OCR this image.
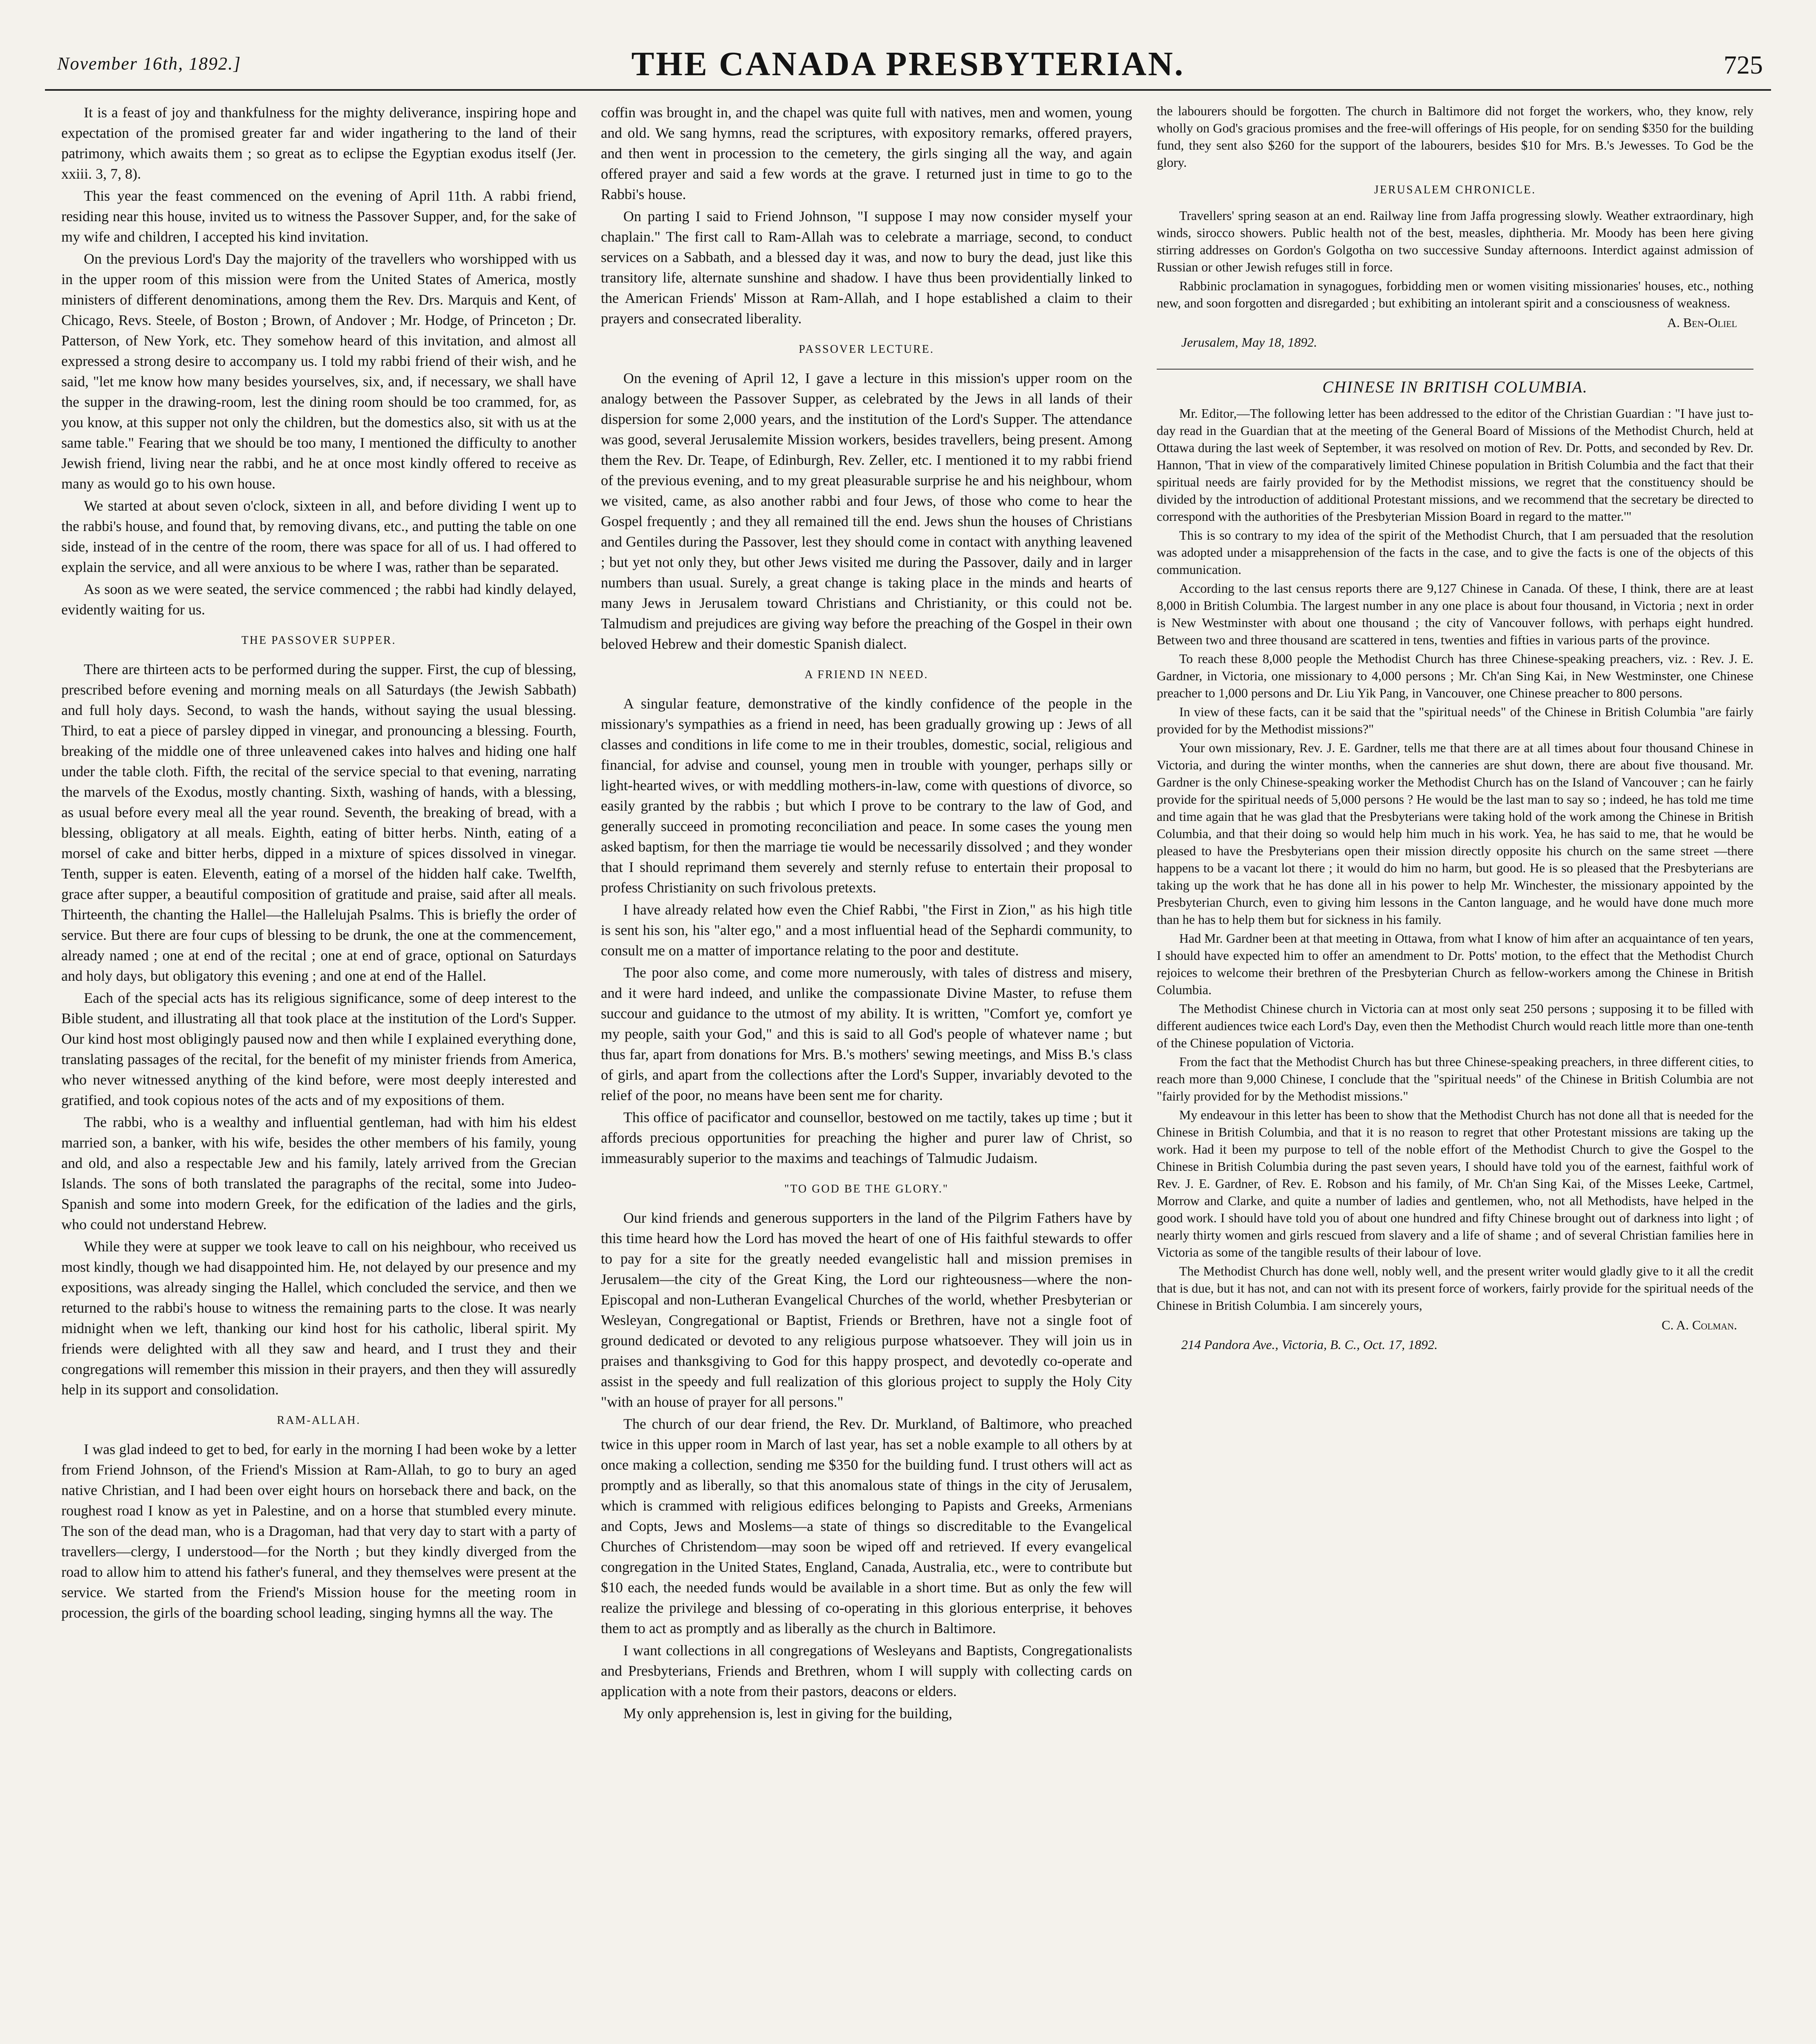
November 16th, 1892.]	THE CANADA PRESBYTERIAN.	725

It is a feast of joy and thankfulness for the mighty deliverance, inspiring hope and expectation of the promised greater far and wider ingathering to the land of their patrimony, which awaits them ; so great as to eclipse the Egyptian exodus itself (Jer. xxiii. 3, 7, 8).

This year the feast commenced on the evening of April 11th. A rabbi friend, residing near this house, invited us to witness the Passover Supper, and, for the sake of my wife and children, I accepted his kind invitation.

On the previous Lord's Day the majority of the travellers who worshipped with us in the upper room of this mission were from the United States of America, mostly ministers of different denominations, among them the Rev. Drs. Marquis and Kent, of Chicago, Revs. Steele, of Boston ; Brown, of Andover ; Mr. Hodge, of Princeton ; Dr. Patterson, of New York, etc. They somehow heard of this invitation, and almost all expressed a strong desire to accompany us. I told my rabbi friend of their wish, and he said, "let me know how many besides yourselves, six, and, if necessary, we shall have the supper in the drawing-room, lest the dining room should be too crammed, for, as you know, at this supper not only the children, but the domestics also, sit with us at the same table." Fearing that we should be too many, I mentioned the difficulty to another Jewish friend, living near the rabbi, and he at once most kindly offered to receive as many as would go to his own house.

We started at about seven o'clock, sixteen in all, and before dividing I went up to the rabbi's house, and found that, by removing divans, etc., and putting the table on one side, instead of in the centre of the room, there was space for all of us. I had offered to explain the service, and all were anxious to be where I was, rather than be separated.

As soon as we were seated, the service commenced ; the rabbi had kindly delayed, evidently waiting for us.

THE PASSOVER SUPPER.

There are thirteen acts to be performed during the supper. First, the cup of blessing, prescribed before evening and morning meals on all Saturdays (the Jewish Sabbath) and full holy days. Second, to wash the hands, without saying the usual blessing. Third, to eat a piece of parsley dipped in vinegar, and pronouncing a blessing. Fourth, breaking of the middle one of three unleavened cakes into halves and hiding one half under the table cloth. Fifth, the recital of the service special to that evening, narrating the marvels of the Exodus, mostly chanting. Sixth, washing of hands, with a blessing, as usual before every meal all the year round. Seventh, the breaking of bread, with a blessing, obligatory at all meals. Eighth, eating of bitter herbs. Ninth, eating of a morsel of cake and bitter herbs, dipped in a mixture of spices dissolved in vinegar. Tenth, supper is eaten. Eleventh, eating of a morsel of the hidden half cake. Twelfth, grace after supper, a beautiful composition of gratitude and praise, said after all meals. Thirteenth, the chanting the Hallel—the Hallelujah Psalms. This is briefly the order of service. But there are four cups of blessing to be drunk, the one at the commencement, already named ; one at end of the recital ; one at end of grace, optional on Saturdays and holy days, but obligatory this evening ; and one at end of the Hallel.

Each of the special acts has its religious significance, some of deep interest to the Bible student, and illustrating all that took place at the institution of the Lord's Supper. Our kind host most obligingly paused now and then while I explained everything done, translating passages of the recital, for the benefit of my minister friends from America, who never witnessed anything of the kind before, were most deeply interested and gratified, and took copious notes of the acts and of my expositions of them.

The rabbi, who is a wealthy and influential gentleman, had with him his eldest married son, a banker, with his wife, besides the other members of his family, young and old, and also a respectable Jew and his family, lately arrived from the Grecian Islands. The sons of both translated the paragraphs of the recital, some into Judeo-Spanish and some into modern Greek, for the edification of the ladies and the girls, who could not understand Hebrew.

While they were at supper we took leave to call on his neighbour, who received us most kindly, though we had disappointed him. He, not delayed by our presence and my expositions, was already singing the Hallel, which concluded the service, and then we returned to the rabbi's house to witness the remaining parts to the close. It was nearly midnight when we left, thanking our kind host for his catholic, liberal spirit. My friends were delighted with all they saw and heard, and I trust they and their congregations will remember this mission in their prayers, and then they will assuredly help in its support and consolidation.

RAM-ALLAH.

I was glad indeed to get to bed, for early in the morning I had been woke by a letter from Friend Johnson, of the Friend's Mission at Ram-Allah, to go to bury an aged native Christian, and I had been over eight hours on horseback there and back, on the roughest road I know as yet in Palestine, and on a horse that stumbled every minute. The son of the dead man, who is a Dragoman, had that very day to start with a party of travellers—clergy, I understood—for the North ; but they kindly diverged from the road to allow him to attend his father's funeral, and they themselves were present at the service. We started from the Friend's Mission house for the meeting room in procession, the girls of the boarding school leading, singing hymns all the way. The

coffin was brought in, and the chapel was quite full with natives, men and women, young and old. We sang hymns, read the scriptures, with expository remarks, offered prayers, and then went in procession to the cemetery, the girls singing all the way, and again offered prayer and said a few words at the grave. I returned just in time to go to the Rabbi's house.

On parting I said to Friend Johnson, "I suppose I may now consider myself your chaplain." The first call to Ram-Allah was to celebrate a marriage, second, to conduct services on a Sabbath, and a blessed day it was, and now to bury the dead, just like this transitory life, alternate sunshine and shadow. I have thus been providentially linked to the American Friends' Misson at Ram-Allah, and I hope established a claim to their prayers and consecrated liberality.

PASSOVER LECTURE.

On the evening of April 12, I gave a lecture in this mission's upper room on the analogy between the Passover Supper, as celebrated by the Jews in all lands of their dispersion for some 2,000 years, and the institution of the Lord's Supper. The attendance was good, several Jerusalemite Mission workers, besides travellers, being present. Among them the Rev. Dr. Teape, of Edinburgh, Rev. Zeller, etc. I mentioned it to my rabbi friend of the previous evening, and to my great pleasurable surprise he and his neighbour, whom we visited, came, as also another rabbi and four Jews, of those who come to hear the Gospel frequently ; and they all remained till the end. Jews shun the houses of Christians and Gentiles during the Passover, lest they should come in contact with anything leavened ; but yet not only they, but other Jews visited me during the Passover, daily and in larger numbers than usual. Surely, a great change is taking place in the minds and hearts of many Jews in Jerusalem toward Christians and Christianity, or this could not be. Talmudism and prejudices are giving way before the preaching of the Gospel in their own beloved Hebrew and their domestic Spanish dialect.

A FRIEND IN NEED.

A singular feature, demonstrative of the kindly confidence of the people in the missionary's sympathies as a friend in need, has been gradually growing up : Jews of all classes and conditions in life come to me in their troubles, domestic, social, religious and financial, for advise and counsel, young men in trouble with younger, perhaps silly or light-hearted wives, or with meddling mothers-in-law, come with questions of divorce, so easily granted by the rabbis ; but which I prove to be contrary to the law of God, and generally succeed in promoting reconciliation and peace. In some cases the young men asked baptism, for then the marriage tie would be necessarily dissolved ; and they wonder that I should reprimand them severely and sternly refuse to entertain their proposal to profess Christianity on such frivolous pretexts.

I have already related how even the Chief Rabbi, "the First in Zion," as his high title is sent his son, his "alter ego," and a most influential head of the Sephardi community, to consult me on a matter of importance relating to the poor and destitute.

The poor also come, and come more numerously, with tales of distress and misery, and it were hard indeed, and unlike the compassionate Divine Master, to refuse them succour and guidance to the utmost of my ability. It is written, "Comfort ye, comfort ye my people, saith your God," and this is said to all God's people of whatever name ; but thus far, apart from donations for Mrs. B.'s mothers' sewing meetings, and Miss B.'s class of girls, and apart from the collections after the Lord's Supper, invariably devoted to the relief of the poor, no means have been sent me for charity.

This office of pacificator and counsellor, bestowed on me tactily, takes up time ; but it affords precious opportunities for preaching the higher and purer law of Christ, so immeasurably superior to the maxims and teachings of Talmudic Judaism.

"TO GOD BE THE GLORY."

Our kind friends and generous supporters in the land of the Pilgrim Fathers have by this time heard how the Lord has moved the heart of one of His faithful stewards to offer to pay for a site for the greatly needed evangelistic hall and mission premises in Jerusalem—the city of the Great King, the Lord our righteousness—where the non-Episcopal and non-Lutheran Evangelical Churches of the world, whether Presbyterian or Wesleyan, Congregational or Baptist, Friends or Brethren, have not a single foot of ground dedicated or devoted to any religious purpose whatsoever. They will join us in praises and thanksgiving to God for this happy prospect, and devotedly co-operate and assist in the speedy and full realization of this glorious project to supply the Holy City "with an house of prayer for all persons."

The church of our dear friend, the Rev. Dr. Murkland, of Baltimore, who preached twice in this upper room in March of last year, has set a noble example to all others by at once making a collection, sending me $350 for the building fund. I trust others will act as promptly and as liberally, so that this anomalous state of things in the city of Jerusalem, which is crammed with religious edifices belonging to Papists and Greeks, Armenians and Copts, Jews and Moslems—a state of things so discreditable to the Evangelical Churches of Christendom—may soon be wiped off and retrieved. If every evangelical congregation in the United States, England, Canada, Australia, etc., were to contribute but $10 each, the needed funds would be available in a short time. But as only the few will realize the privilege and blessing of co-operating in this glorious enterprise, it behoves them to act as promptly and as liberally as the church in Baltimore.

I want collections in all congregations of Wesleyans and Baptists, Congregationalists and Presbyterians, Friends and Brethren, whom I will supply with collecting cards on application with a note from their pastors, deacons or elders.

My only apprehension is, lest in giving for the building,

the labourers should be forgotten. The church in Baltimore did not forget the workers, who, they know, rely wholly on God's gracious promises and the free-will offerings of His people, for on sending $350 for the building fund, they sent also $260 for the support of the labourers, besides $10 for Mrs. B.'s Jewesses. To God be the glory.

JERUSALEM CHRONICLE.

Travellers' spring season at an end. Railway line from Jaffa progressing slowly. Weather extraordinary, high winds, sirocco showers. Public health not of the best, measles, diphtheria. Mr. Moody has been here giving stirring addresses on Gordon's Golgotha on two successive Sunday afternoons. Interdict against admission of Russian or other Jewish refuges still in force.

Rabbinic proclamation in synagogues, forbidding men or women visiting missionaries' houses, etc., nothing new, and soon forgotten and disregarded ; but exhibiting an intolerant spirit and a consciousness of weakness.

A. Ben-Oliel
Jerusalem, May 18, 1892.
CHINESE IN BRITISH COLUMBIA.

Mr. Editor,—The following letter has been addressed to the editor of the Christian Guardian : "I have just to-day read in the Guardian that at the meeting of the General Board of Missions of the Methodist Church, held at Ottawa during the last week of September, it was resolved on motion of Rev. Dr. Potts, and seconded by Rev. Dr. Hannon, 'That in view of the comparatively limited Chinese population in British Columbia and the fact that their spiritual needs are fairly provided for by the Methodist missions, we regret that the constituency should be divided by the introduction of additional Protestant missions, and we recommend that the secretary be directed to correspond with the authorities of the Presbyterian Mission Board in regard to the matter.'"

This is so contrary to my idea of the spirit of the Methodist Church, that I am persuaded that the resolution was adopted under a misapprehension of the facts in the case, and to give the facts is one of the objects of this communication.

According to the last census reports there are 9,127 Chinese in Canada. Of these, I think, there are at least 8,000 in British Columbia. The largest number in any one place is about four thousand, in Victoria ; next in order is New Westminster with about one thousand ; the city of Vancouver follows, with perhaps eight hundred. Between two and three thousand are scattered in tens, twenties and fifties in various parts of the province.

To reach these 8,000 people the Methodist Church has three Chinese-speaking preachers, viz. : Rev. J. E. Gardner, in Victoria, one missionary to 4,000 persons ; Mr. Ch'an Sing Kai, in New Westminster, one Chinese preacher to 1,000 persons and Dr. Liu Yik Pang, in Vancouver, one Chinese preacher to 800 persons.

In view of these facts, can it be said that the "spiritual needs" of the Chinese in British Columbia "are fairly provided for by the Methodist missions?"

Your own missionary, Rev. J. E. Gardner, tells me that there are at all times about four thousand Chinese in Victoria, and during the winter months, when the canneries are shut down, there are about five thousand. Mr. Gardner is the only Chinese-speaking worker the Methodist Church has on the Island of Vancouver ; can he fairly provide for the spiritual needs of 5,000 persons ? He would be the last man to say so ; indeed, he has told me time and time again that he was glad that the Presbyterians were taking hold of the work among the Chinese in British Columbia, and that their doing so would help him much in his work. Yea, he has said to me, that he would be pleased to have the Presbyterians open their mission directly opposite his church on the same street —there happens to be a vacant lot there ; it would do him no harm, but good. He is so pleased that the Presbyterians are taking up the work that he has done all in his power to help Mr. Winchester, the missionary appointed by the Presbyterian Church, even to giving him lessons in the Canton language, and he would have done much more than he has to help them but for sickness in his family.

Had Mr. Gardner been at that meeting in Ottawa, from what I know of him after an acquaintance of ten years, I should have expected him to offer an amendment to Dr. Potts' motion, to the effect that the Methodist Church rejoices to welcome their brethren of the Presbyterian Church as fellow-workers among the Chinese in British Columbia.

The Methodist Chinese church in Victoria can at most only seat 250 persons ; supposing it to be filled with different audiences twice each Lord's Day, even then the Methodist Church would reach little more than one-tenth of the Chinese population of Victoria.

From the fact that the Methodist Church has but three Chinese-speaking preachers, in three different cities, to reach more than 9,000 Chinese, I conclude that the "spiritual needs" of the Chinese in British Columbia are not "fairly provided for by the Methodist missions."

My endeavour in this letter has been to show that the Methodist Church has not done all that is needed for the Chinese in British Columbia, and that it is no reason to regret that other Protestant missions are taking up the work. Had it been my purpose to tell of the noble effort of the Methodist Church to give the Gospel to the Chinese in British Columbia during the past seven years, I should have told you of the earnest, faithful work of Rev. J. E. Gardner, of Rev. E. Robson and his family, of Mr. Ch'an Sing Kai, of the Misses Leeke, Cartmel, Morrow and Clarke, and quite a number of ladies and gentlemen, who, not all Methodists, have helped in the good work. I should have told you of about one hundred and fifty Chinese brought out of darkness into light ; of nearly thirty women and girls rescued from slavery and a life of shame ; and of several Christian families here in Victoria as some of the tangible results of their labour of love.

The Methodist Church has done well, nobly well, and the present writer would gladly give to it all the credit that is due, but it has not, and can not with its present force of workers, fairly provide for the spiritual needs of the Chinese in British Columbia. I am sincerely yours,

C. A. Colman.
214 Pandora Ave., Victoria, B. C., Oct. 17, 1892.
